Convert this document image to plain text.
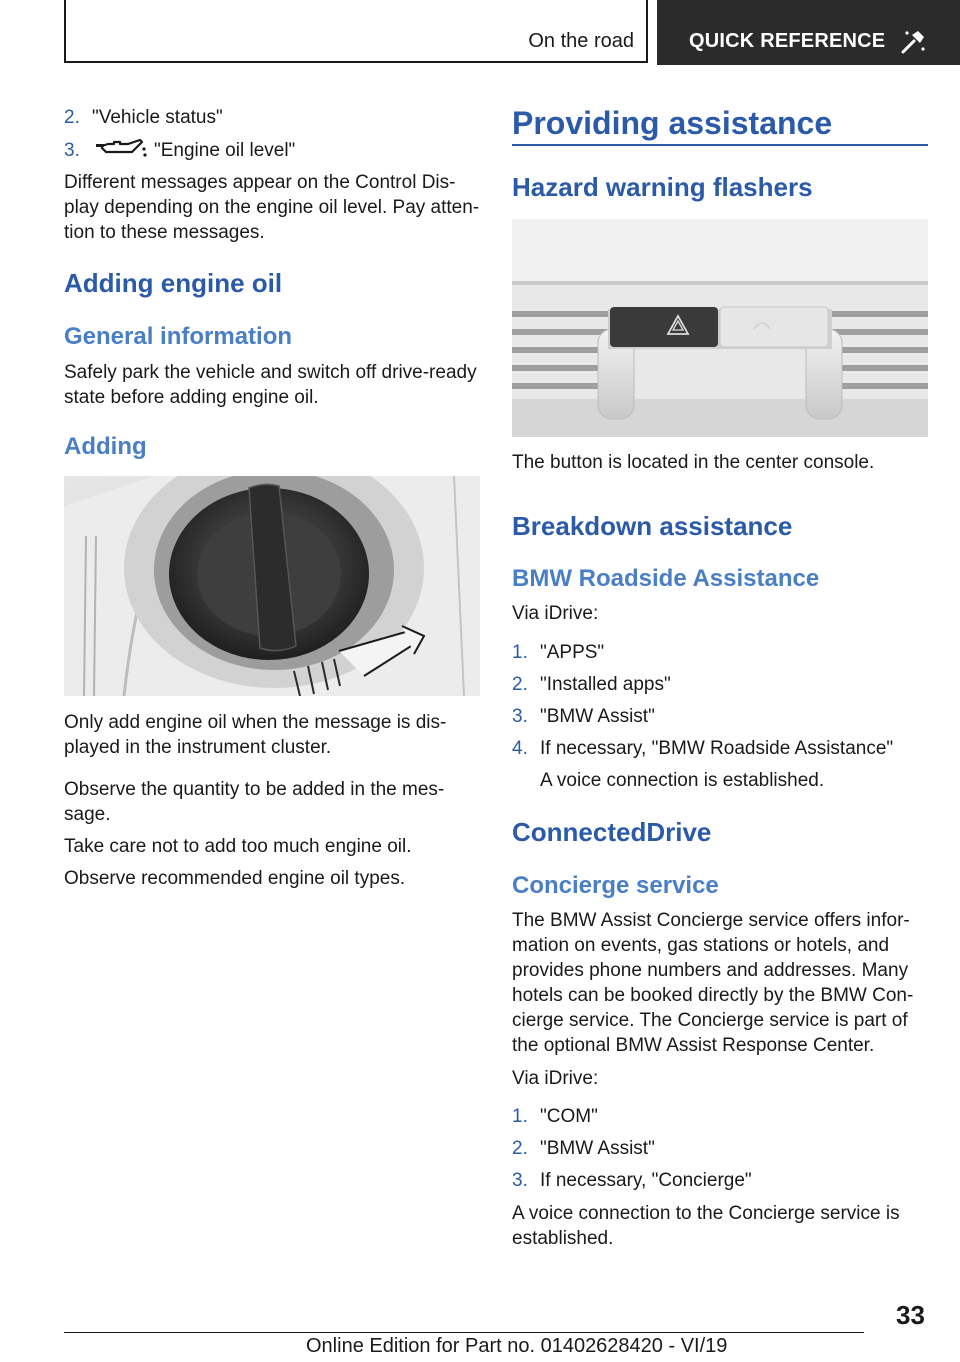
On the road	QUICK REFERENCE
2. "Vehicle status"
3.	"Engine oil level"

Different messages appear on the Control Dis-

play depending on the engine oil level. Pay atten-

tion to these messages.

Adding engine oil
General information

Safely park the vehicle and switch off drive-ready

state before adding engine oil.

Adding

Only add engine oil when the message is dis-

played in the instrument cluster.

Observe the quantity to be added in the mes-

sage.

Take care not to add too much engine oil.

Observe recommended engine oil types.

Providing assistance
Hazard warning flashers

The button is located in the center console.

Breakdown assistance
BMW Roadside Assistance

Via iDrive:

1. "APPS"
2. "Installed apps"
3. "BMW Assist"
4. If necessary, "BMW Roadside Assistance"

A voice connection is established.

ConnectedDrive
Concierge service

The BMW Assist Concierge service offers infor-

mation on events, gas stations or hotels, and

provides phone numbers and addresses. Many

hotels can be booked directly by the BMW Con-

cierge service. The Concierge service is part of

the optional BMW Assist Response Center.

Via iDrive:

1. "COM"
2. "BMW Assist"
3. If necessary, "Concierge"

A voice connection to the Concierge service is

established.

33
Online Edition for Part no. 01402628420 - VI/19
